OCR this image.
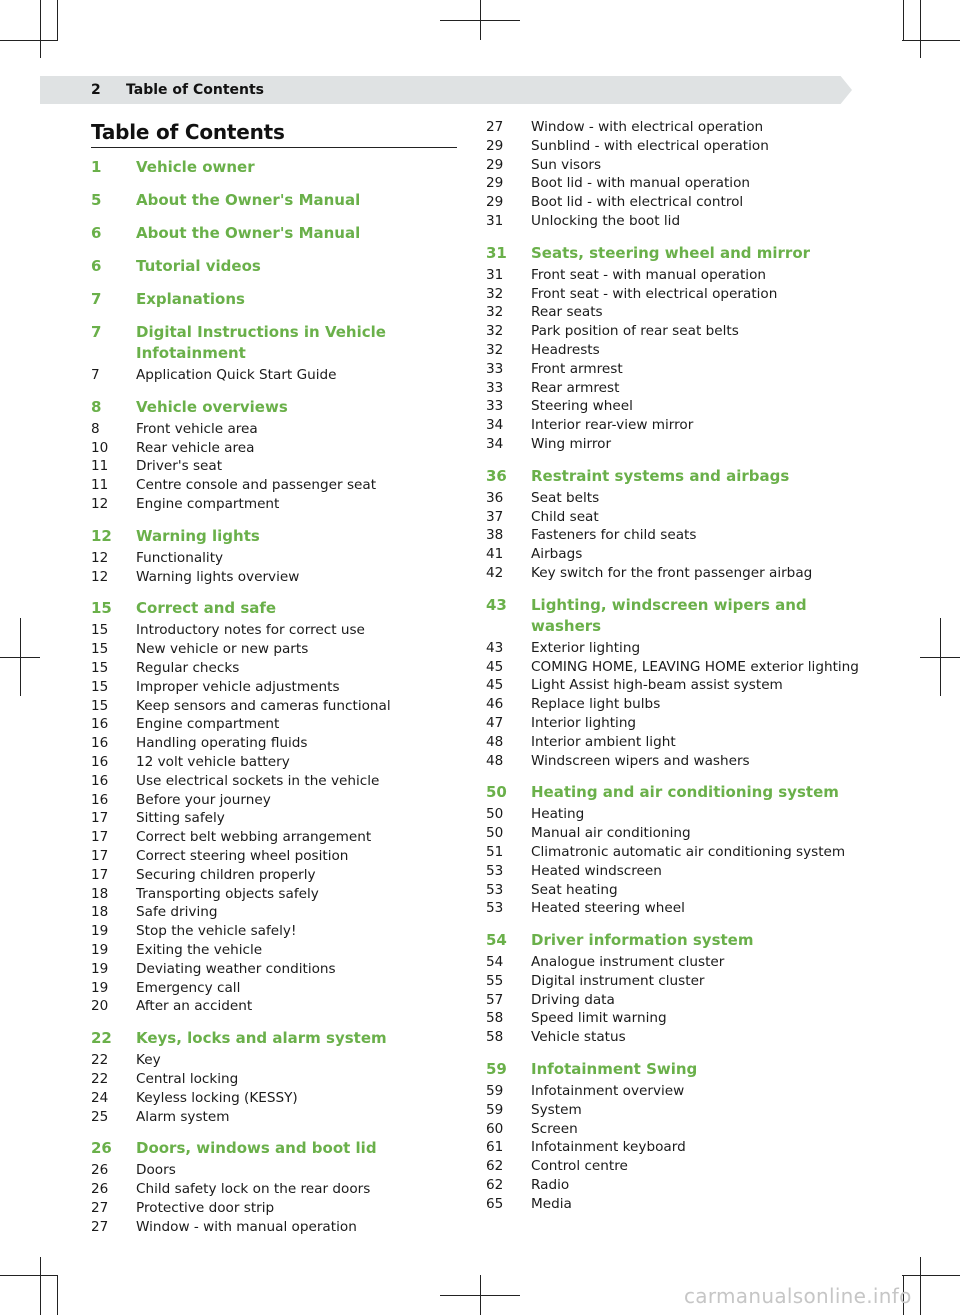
2 Table of Contents
Table of Contents
1	Vehicle owner
5	About the Owner's Manual
6	About the Owner's Manual
6	Tutorial videos
7	Explanations
7	Digital Instructions in Vehicle Infotainment
7	Application Quick Start Guide
8	Vehicle overviews
8	Front vehicle area
10	Rear vehicle area
11	Driver's seat
11	Centre console and passenger seat
12	Engine compartment
12	Warning lights
12	Functionality
12	Warning lights overview
15	Correct and safe
15	Introductory notes for correct use
15	New vehicle or new parts
15	Regular checks
15	Improper vehicle adjustments
15	Keep sensors and cameras functional
16	Engine compartment
16	Handling operating fluids
16	12 volt vehicle battery
16	Use electrical sockets in the vehicle
16	Before your journey
17	Sitting safely
17	Correct belt webbing arrangement
17	Correct steering wheel position
17	Securing children properly
18	Transporting objects safely
18	Safe driving
19	Stop the vehicle safely!
19	Exiting the vehicle
19	Deviating weather conditions
19	Emergency call
20	After an accident
22	Keys, locks and alarm system
22	Key
22	Central locking
24	Keyless locking (KESSY)
25	Alarm system
26	Doors, windows and boot lid
26	Doors
26	Child safety lock on the rear doors
27	Protective door strip
27	Window - with manual operation
27	Window - with electrical operation
29	Sunblind - with electrical operation
29	Sun visors
29	Boot lid - with manual operation
29	Boot lid - with electrical control
31	Unlocking the boot lid
31	Seats, steering wheel and mirror
31	Front seat - with manual operation
32	Front seat - with electrical operation
32	Rear seats
32	Park position of rear seat belts
32	Headrests
33	Front armrest
33	Rear armrest
33	Steering wheel
34	Interior rear-view mirror
34	Wing mirror
36	Restraint systems and airbags
36	Seat belts
37	Child seat
38	Fasteners for child seats
41	Airbags
42	Key switch for the front passenger airbag
43	Lighting, windscreen wipers and washers
43	Exterior lighting
45	COMING HOME, LEAVING HOME exterior lighting
45	Light Assist high-beam assist system
46	Replace light bulbs
47	Interior lighting
48	Interior ambient light
48	Windscreen wipers and washers
50	Heating and air conditioning system
50	Heating
50	Manual air conditioning
51	Climatronic automatic air conditioning system
53	Heated windscreen
53	Seat heating
53	Heated steering wheel
54	Driver information system
54	Analogue instrument cluster
55	Digital instrument cluster
57	Driving data
58	Speed limit warning
58	Vehicle status
59	Infotainment Swing
59	Infotainment overview
59	System
60	Screen
61	Infotainment keyboard
62	Control centre
62	Radio
65	Media
carmanualsonline.info
